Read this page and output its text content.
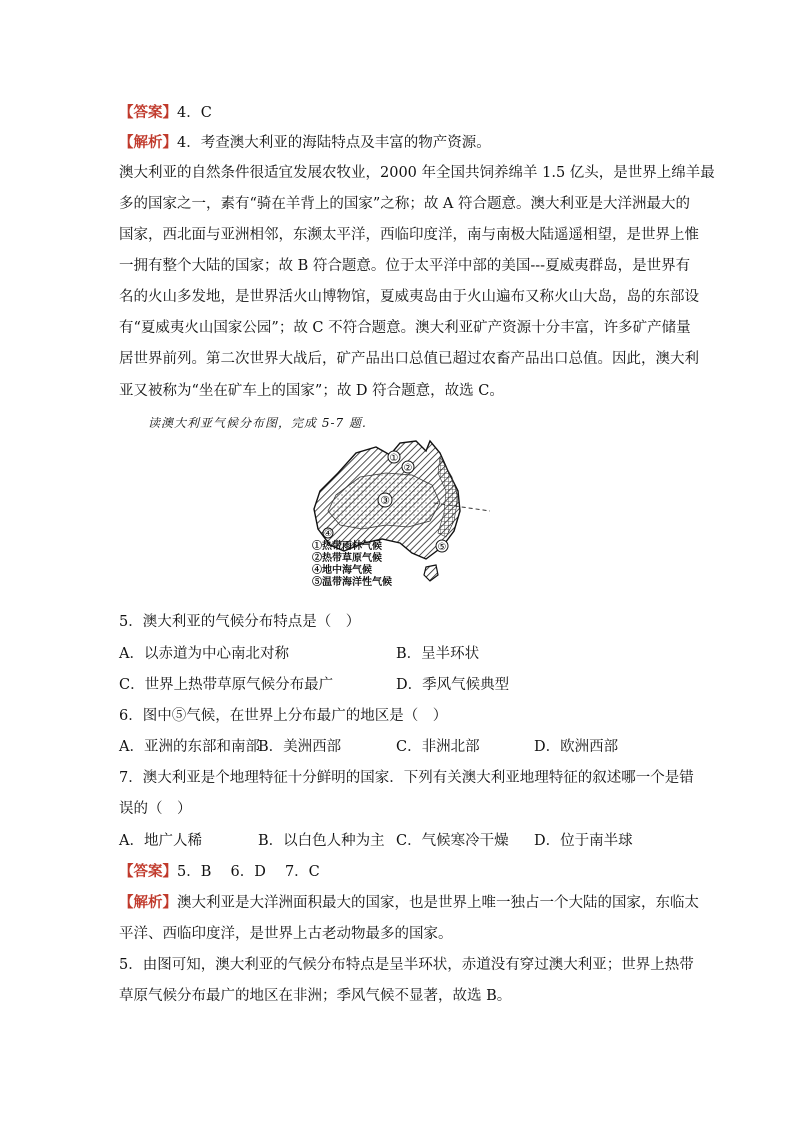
【答案】4．C
【解析】4．考查澳大利亚的海陆特点及丰富的物产资源。
澳大利亚的自然条件很适宜发展农牧业，2000 年全国共饲养绵羊 1.5 亿头，是世界上绵羊最
多的国家之一，素有“骑在羊背上的国家”之称；故 A 符合题意。澳大利亚是大洋洲最大的
国家，西北面与亚洲相邻，东濒太平洋，西临印度洋，南与南极大陆遥遥相望，是世界上惟
一拥有整个大陆的国家；故 B 符合题意。位于太平洋中部的美国---夏威夷群岛，是世界有
名的火山多发地，是世界活火山博物馆，夏威夷岛由于火山遍布又称火山大岛，岛的东部设
有“夏威夷火山国家公园”；故 C 不符合题意。澳大利亚矿产资源十分丰富，许多矿产储量
居世界前列。第二次世界大战后，矿产品出口总值已超过农畜产品出口总值。因此，澳大利
亚又被称为“坐在矿车上的国家”；故 D 符合题意，故选 C。
读澳大利亚气候分布图，完成 5-7 题.
①
②
③
④
⑤
①热带雨林气候
②热带草原气候
④地中海气候
⑤温带海洋性气候
5．澳大利亚的气候分布特点是（　）
A．以赤道为中心南北对称	B．呈半环状
C．世界上热带草原气候分布最广	D．季风气候典型
6．图中⑤气候，在世界上分布最广的地区是（　）
A．亚洲的东部和南部
B．美洲西部	C．非洲北部	D．欧洲西部
7．澳大利亚是个地理特征十分鲜明的国家．下列有关澳大利亚地理特征的叙述哪一个是错
误的（　）
A．地广人稀	B．以白色人种为主 C．气候寒冷干燥 D．位于南半球
【答案】5．B　 6．D　 7．C
【解析】澳大利亚是大洋洲面积最大的国家，也是世界上唯一独占一个大陆的国家，东临太
平洋、西临印度洋，是世界上古老动物最多的国家。
5．由图可知，澳大利亚的气候分布特点是呈半环状，赤道没有穿过澳大利亚；世界上热带
草原气候分布最广的地区在非洲；季风气候不显著，故选 B。
